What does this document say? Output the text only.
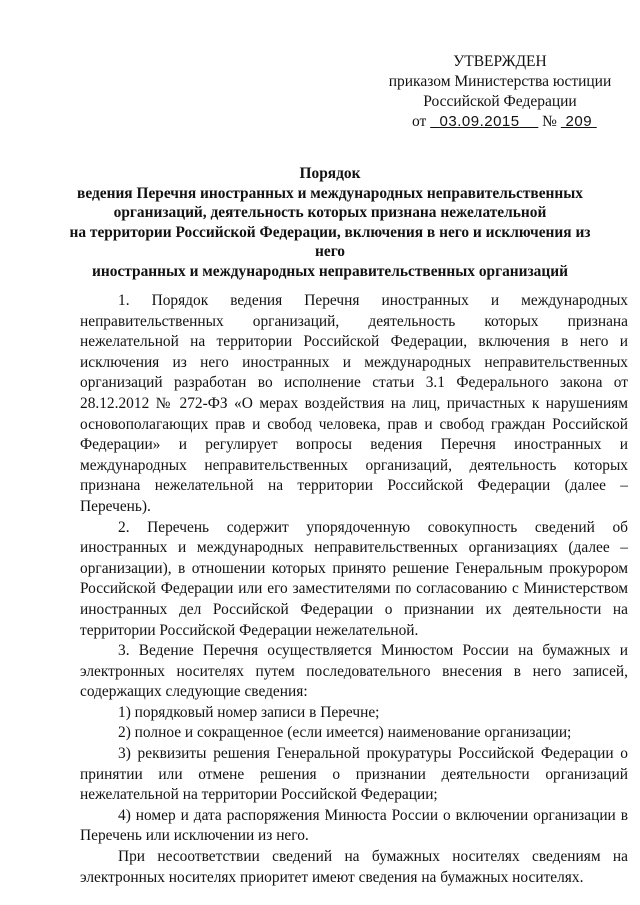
УТВЕРЖДЕН
приказом Министерства юстиции
Российской Федерации
от 03.09.2015 № 209
Порядок
ведения Перечня иностранных и международных неправительственных
организаций, деятельность которых признана нежелательной
на территории Российской Федерации, включения в него и исключения из него
иностранных и международных неправительственных организаций

1. Порядок ведения Перечня иностранных и международных неправительственных организаций, деятельность которых признана нежелательной на территории Российской Федерации, включения в него и исключения из него иностранных и международных неправительственных организаций разработан во исполнение статьи 3.1 Федерального закона от 28.12.2012 № 272-ФЗ «О мерах воздействия на лиц, причастных к нарушениям основополагающих прав и свобод человека, прав и свобод граждан Российской Федерации» и регулирует вопросы ведения Перечня иностранных и международных неправительственных организаций, деятельность которых признана нежелательной на территории Российской Федерации (далее – Перечень).

2. Перечень содержит упорядоченную совокупность сведений об иностранных и международных неправительственных организациях (далее – организации), в отношении которых принято решение Генеральным прокурором Российской Федерации или его заместителями по согласованию с Министерством иностранных дел Российской Федерации о признании их деятельности на территории Российской Федерации нежелательной.

3. Ведение Перечня осуществляется Минюстом России на бумажных и электронных носителях путем последовательного внесения в него записей, содержащих следующие сведения:

1) порядковый номер записи в Перечне;

2) полное и сокращенное (если имеется) наименование организации;

3) реквизиты решения Генеральной прокуратуры Российской Федерации о принятии или отмене решения о признании деятельности организаций нежелательной на территории Российской Федерации;

4) номер и дата распоряжения Минюста России о включении организации в Перечень или исключении из него.

При несоответствии сведений на бумажных носителях сведениям на электронных носителях приоритет имеют сведения на бумажных носителях.
